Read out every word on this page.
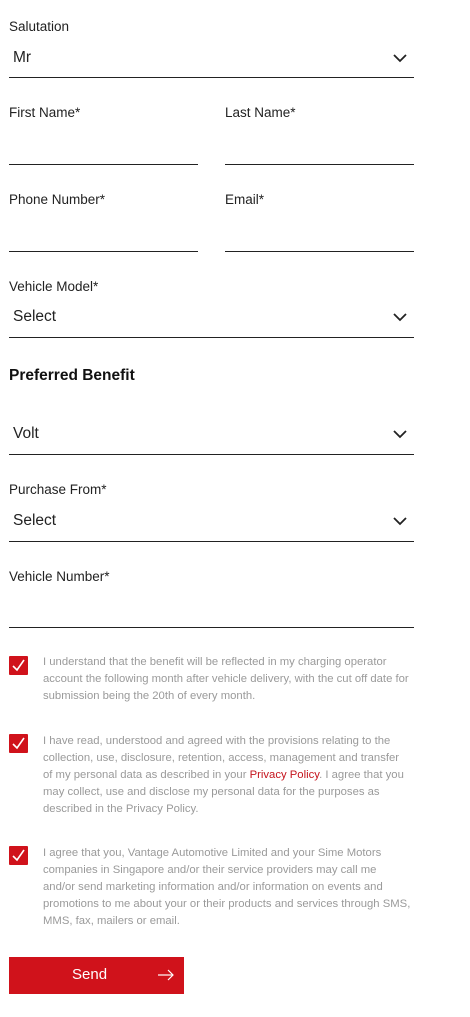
Salutation
Mr
First Name*	Last Name*
Phone Number*	Email*
Vehicle Model*
Select
Preferred Benefit
Volt
Purchase From*
Select
Vehicle Number*
I understand that the benefit will be reflected in my charging operator account the following month after vehicle delivery, with the cut off date for submission being the 20th of every month.
I have read, understood and agreed with the provisions relating to the collection, use, disclosure, retention, access, management and transfer of my personal data as described in your Privacy Policy. I agree that you may collect, use and disclose my personal data for the purposes as described in the Privacy Policy.
I agree that you, Vantage Automotive Limited and your Sime Motors companies in Singapore and/or their service providers may call me and/or send marketing information and/or information on events and promotions to me about your or their products and services through SMS, MMS, fax, mailers or email.
Send
